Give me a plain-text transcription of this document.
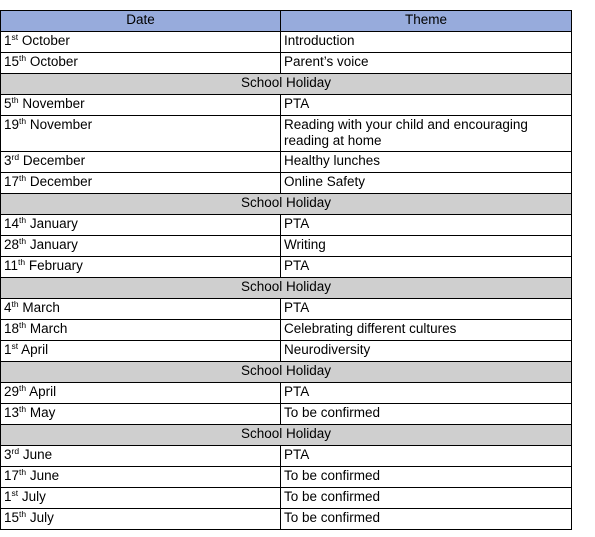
Date	Theme
1st October	Introduction
15th October	Parent’s voice
School Holiday	
5th November	PTA
19th November	Reading with your child and encouraging reading at home
3rd December	Healthy lunches
17th December	Online Safety
School Holiday	
14th January	PTA
28th January	Writing
11th February	PTA
School Holiday	
4th March	PTA
18th March	Celebrating different cultures
1st April	Neurodiversity
School Holiday	
29th April	PTA
13th May	To be confirmed
School Holiday	
3rd June	PTA
17th June	To be confirmed
1st July	To be confirmed
15th July	To be confirmed
